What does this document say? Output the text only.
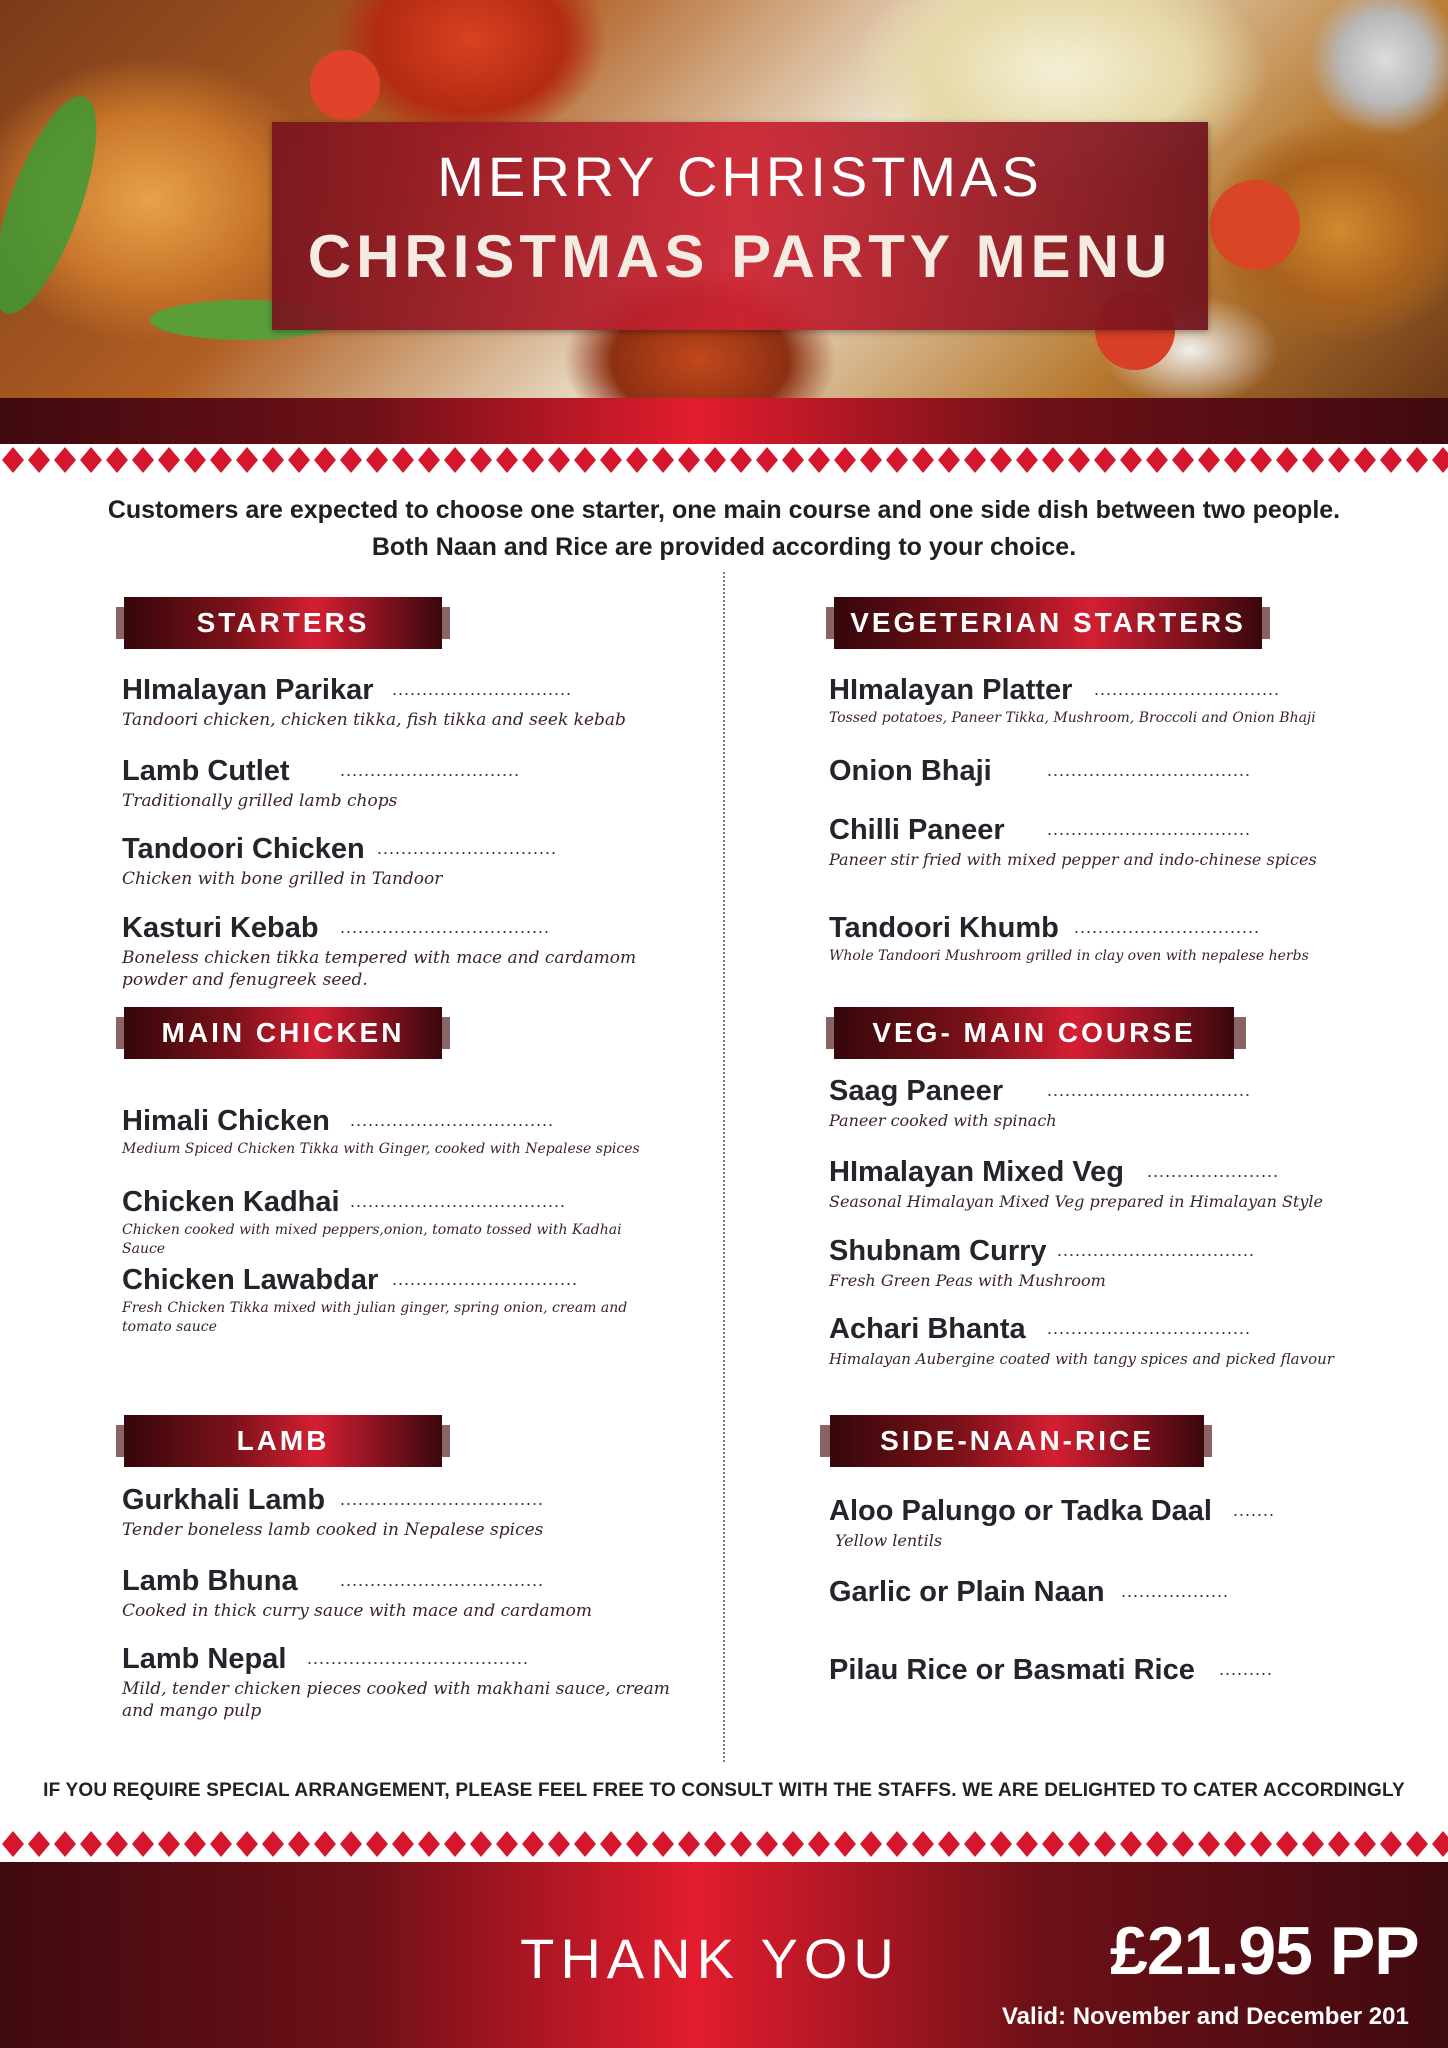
MERRY CHRISTMAS
CHRISTMAS PARTY MENU
Customers are expected to choose one starter, one main course and one side dish between two people.
Both Naan and Rice are provided according to your choice.
STARTERS
HImalayan Parikar	..............................
Tandoori chicken, chicken tikka, fish tikka and seek kebab
Lamb Cutlet	..............................
Traditionally grilled lamb chops
Tandoori Chicken ..............................
Chicken with bone grilled in Tandoor
Kasturi Kebab	...................................
Boneless chicken tikka tempered with mace and cardamom powder and fenugreek seed.
MAIN CHICKEN
Himali Chicken	..................................
Medium Spiced Chicken Tikka with Ginger, cooked with Nepalese spices
Chicken Kadhai ....................................
Chicken cooked with mixed peppers,onion, tomato tossed with Kadhai Sauce
Chicken Lawabdar ...............................
Fresh Chicken Tikka mixed with julian ginger, spring onion, cream and tomato sauce
LAMB
Gurkhali Lamb ..................................
Tender boneless lamb cooked in Nepalese spices
Lamb Bhuna	..................................
Cooked in thick curry sauce with mace and cardamom
Lamb Nepal	.....................................
Mild, tender chicken pieces cooked with makhani sauce, cream and mango pulp
VEGETERIAN STARTERS
HImalayan Platter	...............................
Tossed potatoes, Paneer Tikka, Mushroom, Broccoli and Onion Bhaji
Onion Bhaji	..................................
Chilli Paneer	..................................
Paneer stir fried with mixed pepper and indo-chinese spices
Tandoori Khumb ...............................
Whole Tandoori Mushroom grilled in clay oven with nepalese herbs
VEG- MAIN COURSE
Saag Paneer	..................................
Paneer cooked with spinach
HImalayan Mixed Veg	......................
Seasonal Himalayan Mixed Veg prepared in Himalayan Style
Shubnam Curry .................................
Fresh Green Peas with Mushroom
Achari Bhanta	..................................
Himalayan Aubergine coated with tangy spices and picked flavour
SIDE-NAAN-RICE
Aloo Palungo or Tadka Daal	.......
Yellow lentils
Garlic or Plain Naan ..................
Pilau Rice or Basmati Rice	.........
IF YOU REQUIRE SPECIAL ARRANGEMENT, PLEASE FEEL FREE TO CONSULT WITH THE STAFFS. WE ARE DELIGHTED TO CATER ACCORDINGLY
THANK YOU	£21.95 PP
Valid: November and December 201
